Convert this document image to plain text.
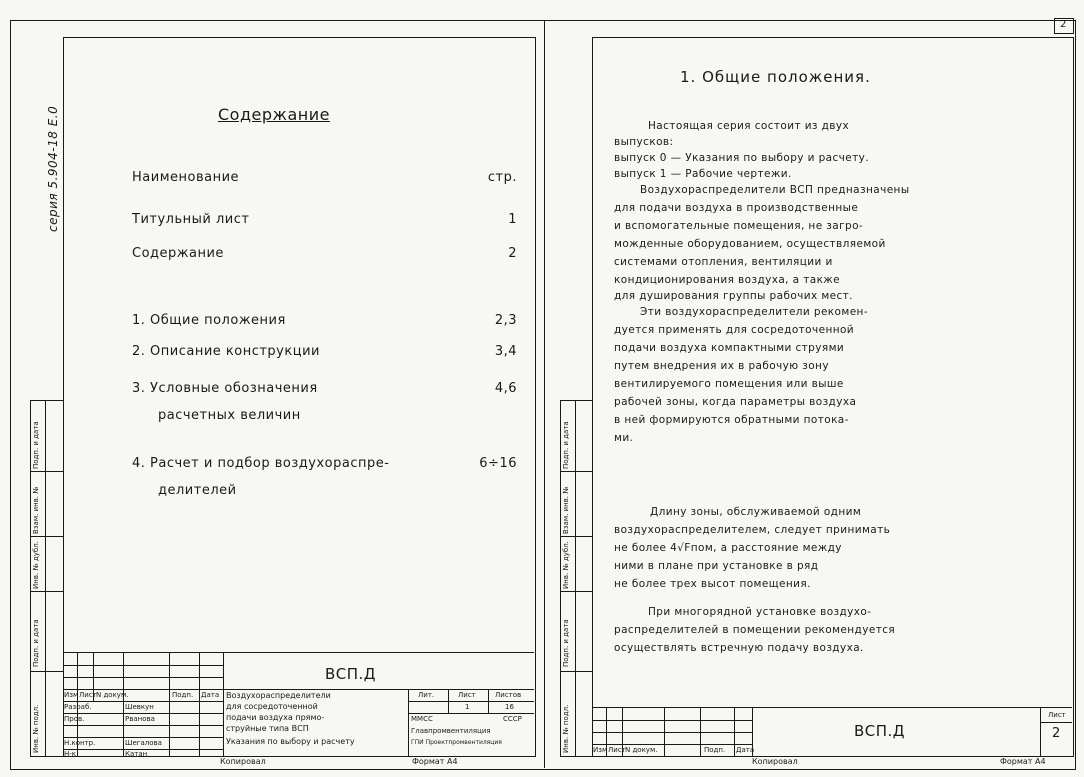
2
серия 5.904-18 Е.0
Подп. и дата
Взам. инв. №
Инв. № дубл.
Подп. и дата
Инв. № подл.
Содержание
Наименование	стр.
Титульный лист	1
Содержание	2
1. Общие положения	2,3
2. Описание конструкции	3,4
3. Условные обозначения	4,6
расчетных величин
4. Расчет и подбор воздухораспре-	6÷16
делителей
Изм Лист N докум.	Подп. Дата
Разраб.	Шевкун
Пров.	Рванова
Н.контр.	Шегалова
Н-к	Катан
ВСП.Д
Воздухораспределители
для сосредоточенной
подачи воздуха прямо-
струйные типа ВСП
Указания по выбору и расчету
Лит.	Лист	Листов
1	16
ММСС	СССР
Главпромвентиляция
ГПИ Проектпромвентиляция
Копировал	Формат А4
Подп. и дата
Взам. инв. №
Инв. № дубл.
Подп. и дата
Инв. № подл.
1. Общие положения.
Настоящая серия состоит из двух
выпусков:
выпуск 0 — Указания по выбору и расчету.
выпуск 1 — Рабочие чертежи.
Воздухораспределители ВСП предназначены
для подачи воздуха в производственные
и вспомогательные помещения, не загро-
можденные оборудованием, осуществляемой
системами отопления, вентиляции и
кондиционирования воздуха, а также
для душирования группы рабочих мест.
Эти воздухораспределители рекомен-
дуется применять для сосредоточенной
подачи воздуха компактными струями
путем внедрения их в рабочую зону
вентилируемого помещения или выше
рабочей зоны, когда параметры воздуха
в ней формируются обратными потока-
ми.
Длину зоны, обслуживаемой одним
воздухораспределителем, следует принимать
не более 4√Fпом, а расстояние между
ними в плане при установке в ряд
не более трех высот помещения.
При многорядной установке воздухо-
распределителей в помещении рекомендуется
осуществлять встречную подачу воздуха.
Изм Лист N докум.	Подп. Дата
ВСП.Д
Лист
2
Копировал	Формат А4
